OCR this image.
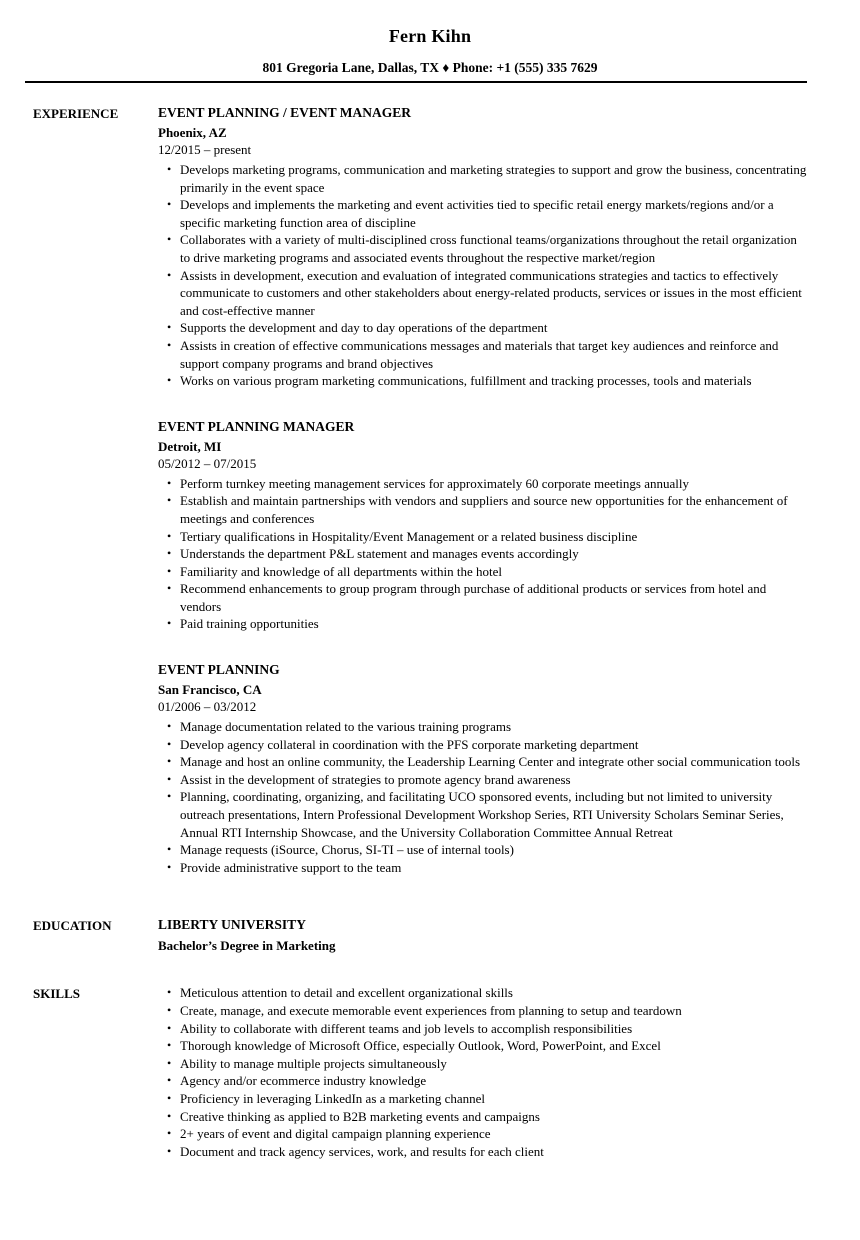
Fern Kihn
801 Gregoria Lane, Dallas, TX ♦ Phone: +1 (555) 335 7629
EXPERIENCE	EVENT PLANNING / EVENT MANAGER
Phoenix, AZ
12/2015 – present
• Develops marketing programs, communication and marketing strategies to support and grow the business, concentrating primarily in the event space
• Develops and implements the marketing and event activities tied to specific retail energy markets/regions and/or a specific marketing function area of discipline
• Collaborates with a variety of multi-disciplined cross functional teams/organizations throughout the retail organization to drive marketing programs and associated events throughout the respective market/region
• Assists in development, execution and evaluation of integrated communications strategies and tactics to effectively communicate to customers and other stakeholders about energy-related products, services or issues in the most efficient and cost-effective manner
• Supports the development and day to day operations of the department
• Assists in creation of effective communications messages and materials that target key audiences and reinforce and support company programs and brand objectives
• Works on various program marketing communications, fulfillment and tracking processes, tools and materials
EVENT PLANNING MANAGER
Detroit, MI
05/2012 – 07/2015
• Perform turnkey meeting management services for approximately 60 corporate meetings annually
• Establish and maintain partnerships with vendors and suppliers and source new opportunities for the enhancement of meetings and conferences
• Tertiary qualifications in Hospitality/Event Management or a related business discipline
• Understands the department P&L statement and manages events accordingly
• Familiarity and knowledge of all departments within the hotel
• Recommend enhancements to group program through purchase of additional products or services from hotel and vendors
• Paid training opportunities
EVENT PLANNING
San Francisco, CA
01/2006 – 03/2012
• Manage documentation related to the various training programs
• Develop agency collateral in coordination with the PFS corporate marketing department
• Manage and host an online community, the Leadership Learning Center and integrate other social communication tools
• Assist in the development of strategies to promote agency brand awareness
• Planning, coordinating, organizing, and facilitating UCO sponsored events, including but not limited to university outreach presentations, Intern Professional Development Workshop Series, RTI University Scholars Seminar Series, Annual RTI Internship Showcase, and the University Collaboration Committee Annual Retreat
• Manage requests (iSource, Chorus, SI-TI – use of internal tools)
• Provide administrative support to the team
EDUCATION	LIBERTY UNIVERSITY
Bachelor’s Degree in Marketing
SKILLS	• Meticulous attention to detail and excellent organizational skills
• Create, manage, and execute memorable event experiences from planning to setup and teardown
• Ability to collaborate with different teams and job levels to accomplish responsibilities
• Thorough knowledge of Microsoft Office, especially Outlook, Word, PowerPoint, and Excel
• Ability to manage multiple projects simultaneously
• Agency and/or ecommerce industry knowledge
• Proficiency in leveraging LinkedIn as a marketing channel
• Creative thinking as applied to B2B marketing events and campaigns
• 2+ years of event and digital campaign planning experience
• Document and track agency services, work, and results for each client
